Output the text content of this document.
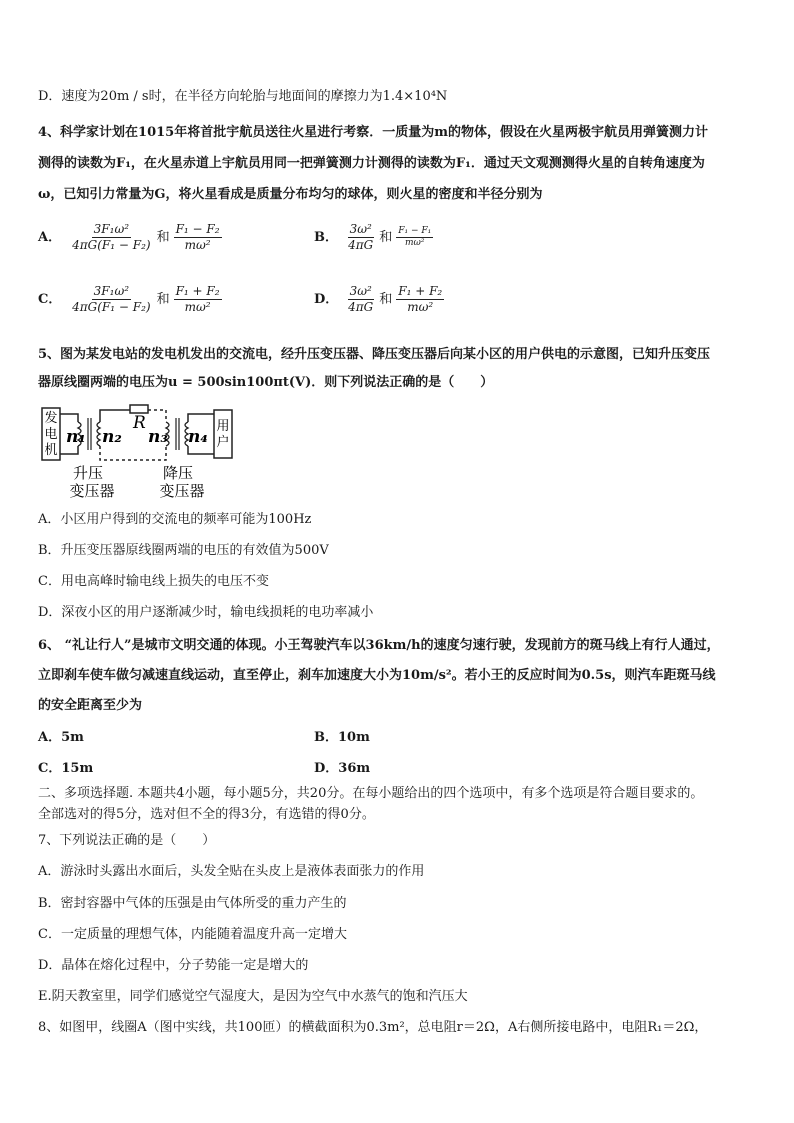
D．速度为20m / s时，在半径方向轮胎与地面间的摩擦力为1.4×10⁴N
4、科学家计划在1015年将首批宇航员送往火星进行考察．一质量为m的物体，假设在火星两极宇航员用弹簧测力计
测得的读数为F₁，在火星赤道上宇航员用同一把弹簧测力计测得的读数为F₁．通过天文观测测得火星的自转角速度为
ω，已知引力常量为G，将火星看成是质量分布均匀的球体，则火星的密度和半径分别为
A． $\frac{\text{3F₁ω²}}{\text{4πG(F₁ − F₂)}}$ 和 $\frac{\text{F₁ − F₂}}{\text{mω²}}$	B． $\frac{\text{3ω²}}{4\pi G}$ 和 $\frac{\text{F₁ − F₁}}{\text{mω²}}$
C． $\frac{\text{3F₁ω²}}{\text{4πG(F₁ − F₂)}}$ 和 $\frac{\text{F₁ + F₂}}{\text{mω²}}$	D． $\frac{\text{3ω²}}{4\pi G}$ 和 $\frac{\text{F₁ + F₂}}{\text{mω²}}$
5、图为某发电站的发电机发出的交流电，经升压变压器、降压变压器后向某小区的用户供电的示意图，已知升压变压
器原线圈两端的电压为u = 500sin100πt(V)．则下列说法正确的是（　　）
发
电
机
n₁ n₂
R
n₃ n₄
用
户
升压
变压器
降压
变压器
A．小区用户得到的交流电的频率可能为100Hz
B．升压变压器原线圈两端的电压的有效值为500V
C．用电高峰时输电线上损失的电压不变
D．深夜小区的用户逐渐减少时，输电线损耗的电功率减小
6、 “礼让行人”是城市文明交通的体现。小王驾驶汽车以36km/h的速度匀速行驶，发现前方的斑马线上有行人通过，
立即刹车使车做匀减速直线运动，直至停止，刹车加速度大小为10m/s²。若小王的反应时间为0.5s，则汽车距斑马线
的安全距离至少为
A．5m	B．10m
C．15m	D．36m
二、多项选择题. 本题共4小题，每小题5分，共20分。在每小题给出的四个选项中，有多个选项是符合题目要求的。
全部选对的得5分，选对但不全的得3分，有选错的得0分。
7、下列说法正确的是（　　）
A．游泳时头露出水面后，头发全贴在头皮上是液体表面张力的作用
B．密封容器中气体的压强是由气体所受的重力产生的
C．一定质量的理想气体，内能随着温度升高一定增大
D．晶体在熔化过程中，分子势能一定是增大的
E.阴天教室里，同学们感觉空气湿度大，是因为空气中水蒸气的饱和汽压大
8、如图甲，线圈A（图中实线，共100匝）的横截面积为0.3m²，总电阻r＝2Ω，A右侧所接电路中，电阻R₁＝2Ω，
